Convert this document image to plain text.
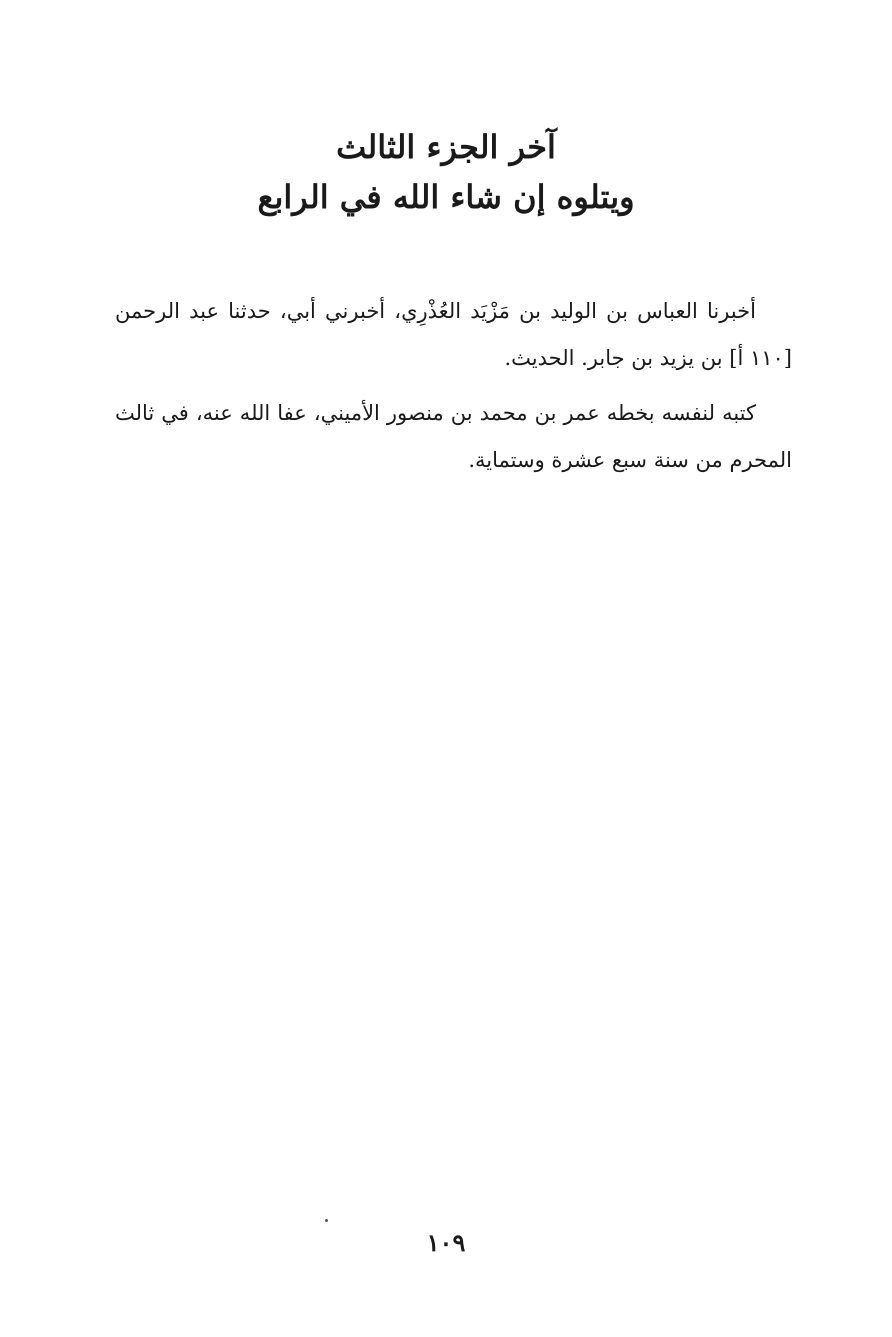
آخر الجزء الثالث
ويتلوه إن شاء الله في الرابع

أخبرنا العباس بن الوليد بن مَزْيَد العُذْرِي، أخبرني أبي، حدثنا عبد الرحمن [١١٠ أ] بن يزيد بن جابر. الحديث.

كتبه لنفسه بخطه عمر بن محمد بن منصور الأميني، عفا الله عنه، في ثالث المحرم من سنة سبع عشرة وستماية.

١٠٩
